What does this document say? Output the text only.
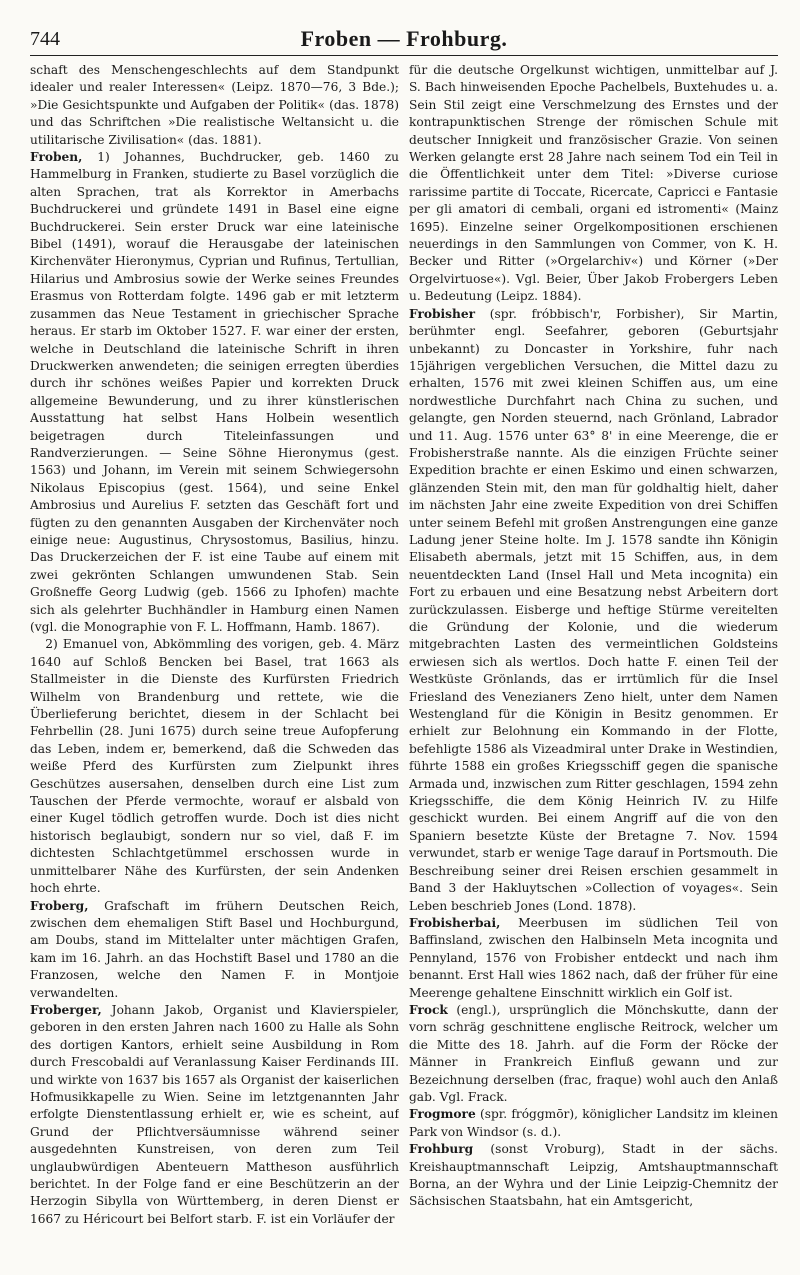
744	Froben — Frohburg.

schaft des Menschengeschlechts auf dem Standpunkt idealer und realer Interessen« (Leipz. 1870—76, 3 Bde.); »Die Gesichtspunkte und Aufgaben der Politik« (das. 1878) und das Schriftchen »Die realistische Weltansicht u. die utilitarische Zivilisation« (das. 1881).

Froben, 1) Johannes, Buchdrucker, geb. 1460 zu Hammelburg in Franken, studierte zu Basel vorzüglich die alten Sprachen, trat als Korrektor in Amerbachs Buchdruckerei und gründete 1491 in Basel eine eigne Buchdruckerei. Sein erster Druck war eine lateinische Bibel (1491), worauf die Herausgabe der lateinischen Kirchenväter Hieronymus, Cyprian und Rufinus, Tertullian, Hilarius und Ambrosius sowie der Werke seines Freundes Erasmus von Rotterdam folgte. 1496 gab er mit letzterm zusammen das Neue Testament in griechischer Sprache heraus. Er starb im Oktober 1527. F. war einer der ersten, welche in Deutschland die lateinische Schrift in ihren Druckwerken anwendeten; die seinigen erregten überdies durch ihr schönes weißes Papier und korrekten Druck allgemeine Bewunderung, und zu ihrer künstlerischen Ausstattung hat selbst Hans Holbein wesentlich beigetragen durch Titeleinfassungen und Randverzierungen. — Seine Söhne Hieronymus (gest. 1563) und Johann, im Verein mit seinem Schwiegersohn Nikolaus Episcopius (gest. 1564), und seine Enkel Ambrosius und Aurelius F. setzten das Geschäft fort und fügten zu den genannten Ausgaben der Kirchenväter noch einige neue: Augustinus, Chrysostomus, Basilius, hinzu. Das Druckerzeichen der F. ist eine Taube auf einem mit zwei gekrönten Schlangen umwundenen Stab. Sein Großneffe Georg Ludwig (geb. 1566 zu Iphofen) machte sich als gelehrter Buchhändler in Hamburg einen Namen (vgl. die Monographie von F. L. Hoffmann, Hamb. 1867).

2) Emanuel von, Abkömmling des vorigen, geb. 4. März 1640 auf Schloß Bencken bei Basel, trat 1663 als Stallmeister in die Dienste des Kurfürsten Friedrich Wilhelm von Brandenburg und rettete, wie die Überlieferung berichtet, diesem in der Schlacht bei Fehrbellin (28. Juni 1675) durch seine treue Aufopferung das Leben, indem er, bemerkend, daß die Schweden das weiße Pferd des Kurfürsten zum Zielpunkt ihres Geschützes ausersahen, denselben durch eine List zum Tauschen der Pferde vermochte, worauf er alsbald von einer Kugel tödlich getroffen wurde. Doch ist dies nicht historisch beglaubigt, sondern nur so viel, daß F. im dichtesten Schlachtgetümmel erschossen wurde in unmittelbarer Nähe des Kurfürsten, der sein Andenken hoch ehrte.

Froberg, Grafschaft im frühern Deutschen Reich, zwischen dem ehemaligen Stift Basel und Hochburgund, am Doubs, stand im Mittelalter unter mächtigen Grafen, kam im 16. Jahrh. an das Hochstift Basel und 1780 an die Franzosen, welche den Namen F. in Montjoie verwandelten.

Froberger, Johann Jakob, Organist und Klavierspieler, geboren in den ersten Jahren nach 1600 zu Halle als Sohn des dortigen Kantors, erhielt seine Ausbildung in Rom durch Frescobaldi auf Veranlassung Kaiser Ferdinands III. und wirkte von 1637 bis 1657 als Organist der kaiserlichen Hofmusikkapelle zu Wien. Seine im letztgenannten Jahr erfolgte Dienstentlassung erhielt er, wie es scheint, auf Grund der Pflichtversäumnisse während seiner ausgedehnten Kunstreisen, von deren zum Teil unglaubwürdigen Abenteuern Mattheson ausführlich berichtet. In der Folge fand er eine Beschützerin an der Herzogin Sibylla von Württemberg, in deren Dienst er 1667 zu Héricourt bei Belfort starb. F. ist ein Vorläufer der

für die deutsche Orgelkunst wichtigen, unmittelbar auf J. S. Bach hinweisenden Epoche Pachelbels, Buxtehudes u. a. Sein Stil zeigt eine Verschmelzung des Ernstes und der kontrapunktischen Strenge der römischen Schule mit deutscher Innigkeit und französischer Grazie. Von seinen Werken gelangte erst 28 Jahre nach seinem Tod ein Teil in die Öffentlichkeit unter dem Titel: »Diverse curiose rarissime partite di Toccate, Ricercate, Capricci e Fantasie per gli amatori di cembali, organi ed istromenti« (Mainz 1695). Einzelne seiner Orgelkompositionen erschienen neuerdings in den Sammlungen von Commer, von K. H. Becker und Ritter (»Orgelarchiv«) und Körner (»Der Orgelvirtuose«). Vgl. Beier, Über Jakob Frobergers Leben u. Bedeutung (Leipz. 1884).

Frobisher (spr. fróbbisch'r, Forbisher), Sir Martin, berühmter engl. Seefahrer, geboren (Geburtsjahr unbekannt) zu Doncaster in Yorkshire, fuhr nach 15jährigen vergeblichen Versuchen, die Mittel dazu zu erhalten, 1576 mit zwei kleinen Schiffen aus, um eine nordwestliche Durchfahrt nach China zu suchen, und gelangte, gen Norden steuernd, nach Grönland, Labrador und 11. Aug. 1576 unter 63° 8' in eine Meerenge, die er Frobisherstraße nannte. Als die einzigen Früchte seiner Expedition brachte er einen Eskimo und einen schwarzen, glänzenden Stein mit, den man für goldhaltig hielt, daher im nächsten Jahr eine zweite Expedition von drei Schiffen unter seinem Befehl mit großen Anstrengungen eine ganze Ladung jener Steine holte. Im J. 1578 sandte ihn Königin Elisabeth abermals, jetzt mit 15 Schiffen, aus, in dem neuentdeckten Land (Insel Hall und Meta incognita) ein Fort zu erbauen und eine Besatzung nebst Arbeitern dort zurückzulassen. Eisberge und heftige Stürme vereitelten die Gründung der Kolonie, und die wiederum mitgebrachten Lasten des vermeintlichen Goldsteins erwiesen sich als wertlos. Doch hatte F. einen Teil der Westküste Grönlands, das er irrtümlich für die Insel Friesland des Venezianers Zeno hielt, unter dem Namen Westengland für die Königin in Besitz genommen. Er erhielt zur Belohnung ein Kommando in der Flotte, befehligte 1586 als Vizeadmiral unter Drake in Westindien, führte 1588 ein großes Kriegsschiff gegen die spanische Armada und, inzwischen zum Ritter geschlagen, 1594 zehn Kriegsschiffe, die dem König Heinrich IV. zu Hilfe geschickt wurden. Bei einem Angriff auf die von den Spaniern besetzte Küste der Bretagne 7. Nov. 1594 verwundet, starb er wenige Tage darauf in Portsmouth. Die Beschreibung seiner drei Reisen erschien gesammelt in Band 3 der Hakluytschen »Collection of voyages«. Sein Leben beschrieb Jones (Lond. 1878).

Frobisherbai, Meerbusen im südlichen Teil von Baffinsland, zwischen den Halbinseln Meta incognita und Pennyland, 1576 von Frobisher entdeckt und nach ihm benannt. Erst Hall wies 1862 nach, daß der früher für eine Meerenge gehaltene Einschnitt wirklich ein Golf ist.

Frock (engl.), ursprünglich die Mönchskutte, dann der vorn schräg geschnittene englische Reitrock, welcher um die Mitte des 18. Jahrh. auf die Form der Röcke der Männer in Frankreich Einfluß gewann und zur Bezeichnung derselben (frac, fraque) wohl auch den Anlaß gab. Vgl. Frack.

Frogmore (spr. fróggmōr), königlicher Landsitz im kleinen Park von Windsor (s. d.).

Frohburg (sonst Vroburg), Stadt in der sächs. Kreishauptmannschaft Leipzig, Amtshauptmannschaft Borna, an der Wyhra und der Linie Leipzig-Chemnitz der Sächsischen Staatsbahn, hat ein Amtsgericht,
